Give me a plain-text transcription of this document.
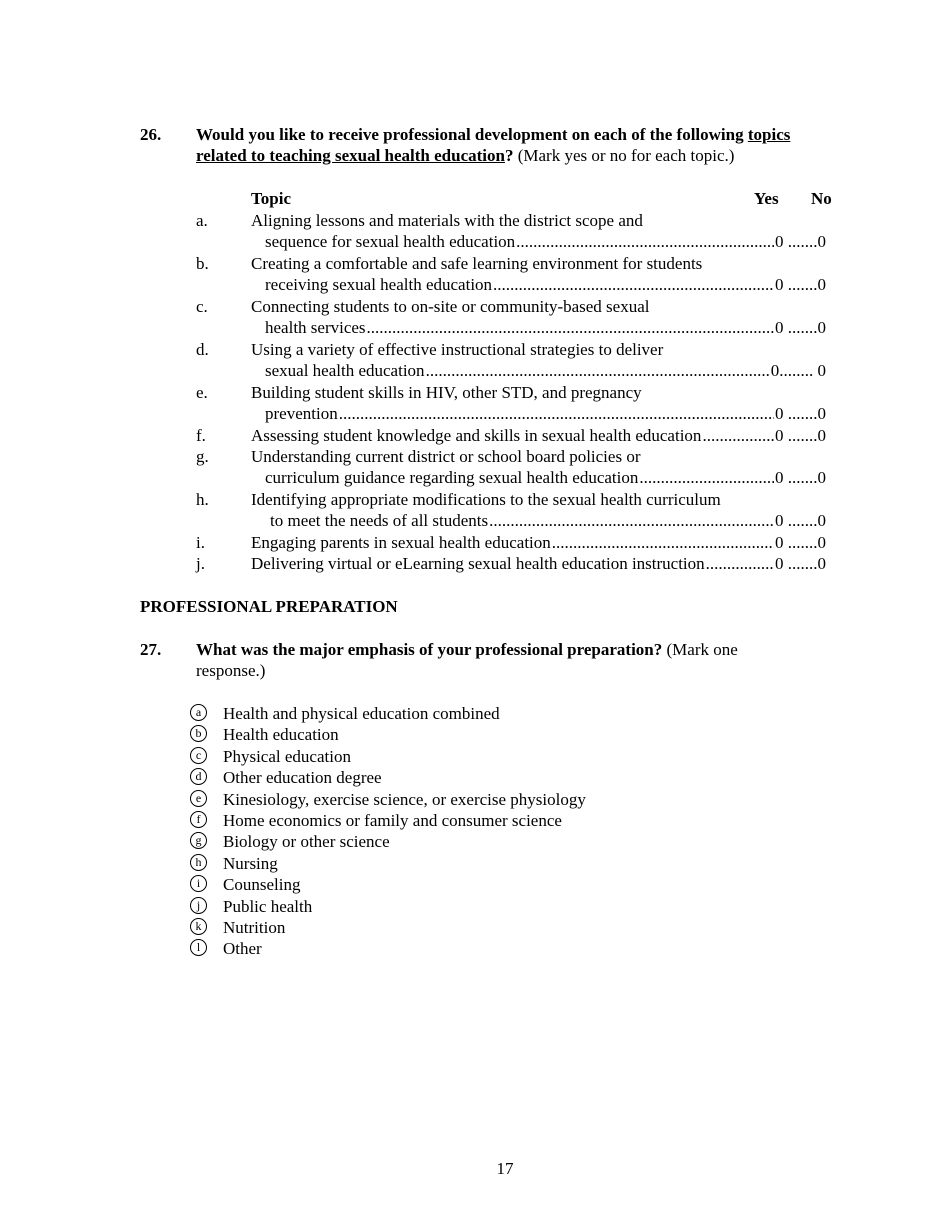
26. Would you like to receive professional development on each of the following topics
related to teaching sexual health education? (Mark yes or no for each topic.)
Topic	Yes No
a.	Aligning lessons and materials with the district scope and
sequence for sexual health education .....	0 ....... 0
b. Creating a comfortable and safe learning environment for students
receiving sexual health education .....	0 ....... 0
c.	Connecting students to on-site or community-based sexual
health services .....	0 ....... 0
d. Using a variety of effective instructional strategies to deliver
sexual health education .....	0 ........ 0
e.	Building student skills in HIV, other STD, and pregnancy
prevention .....	0 ....... 0
f.	Assessing student knowledge and skills in sexual health education .....	0 ....... 0
g. Understanding current district or school board policies or
curriculum guidance regarding sexual health education .....	0 ....... 0
h. Identifying appropriate modifications to the sexual health curriculum
to meet the needs of all students .....	0 ....... 0
i.	Engaging parents in sexual health education .....	0 ....... 0
j.	Delivering virtual or eLearning sexual health education instruction .....	0 ....... 0
PROFESSIONAL PREPARATION
27. What was the major emphasis of your professional preparation? (Mark one
response.)
a	Health and physical education combined
b	Health education
c	Physical education
d	Other education degree
e	Kinesiology, exercise science, or exercise physiology
f	Home economics or family and consumer science
g	Biology or other science
h	Nursing
i	Counseling
j	Public health
k	Nutrition
l	Other
17
